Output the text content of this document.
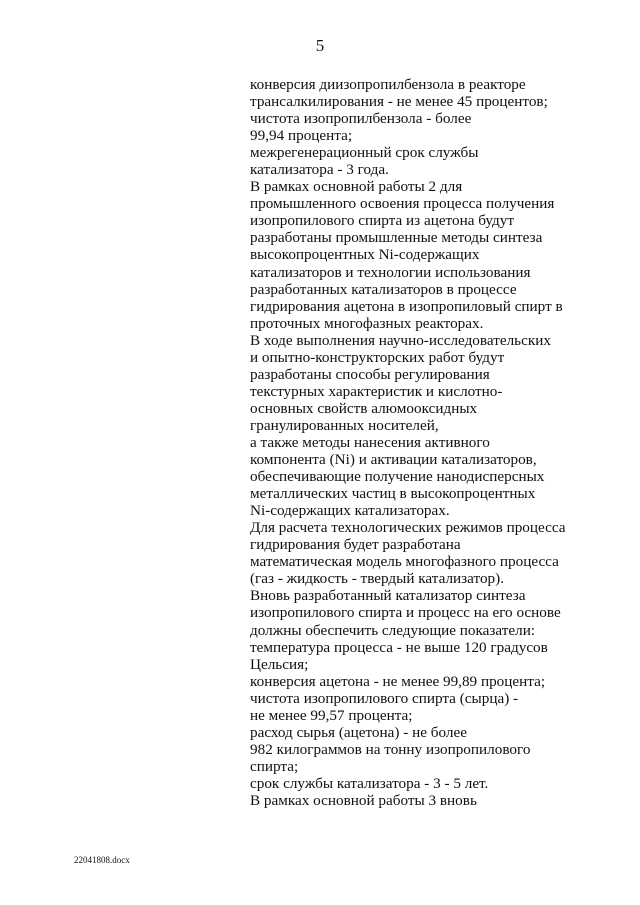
5
конверсия диизопропилбензола в реакторе
трансалкилирования - не менее 45 процентов;
чистота изопропилбензола - более
99,94 процента;
межрегенерационный срок службы
катализатора - 3 года.
В рамках основной работы 2 для
промышленного освоения процесса получения
изопропилового спирта из ацетона будут
разработаны промышленные методы синтеза
высокопроцентных Ni-содержащих
катализаторов и технологии использования
разработанных катализаторов в процессе
гидрирования ацетона в изопропиловый спирт в
проточных многофазных реакторах.
В ходе выполнения научно-исследовательских
и опытно-конструкторских работ будут
разработаны способы регулирования
текстурных характеристик и кислотно-
основных свойств алюмооксидных
гранулированных носителей,
а также методы нанесения активного
компонента (Ni) и активации катализаторов,
обеспечивающие получение нанодисперсных
металлических частиц в высокопроцентных
Ni-содержащих катализаторах.
Для расчета технологических режимов процесса
гидрирования будет разработана
математическая модель многофазного процесса
(газ - жидкость - твердый катализатор).
Вновь разработанный катализатор синтеза
изопропилового спирта и процесс на его основе
должны обеспечить следующие показатели:
температура процесса - не выше 120 градусов
Цельсия;
конверсия ацетона - не менее 99,89 процента;
чистота изопропилового спирта (сырца) -
не менее 99,57 процента;
расход сырья (ацетона) - не более
982 килограммов на тонну изопропилового
спирта;
срок службы катализатора - 3 - 5 лет.
В рамках основной работы 3 вновь
22041808.docx
